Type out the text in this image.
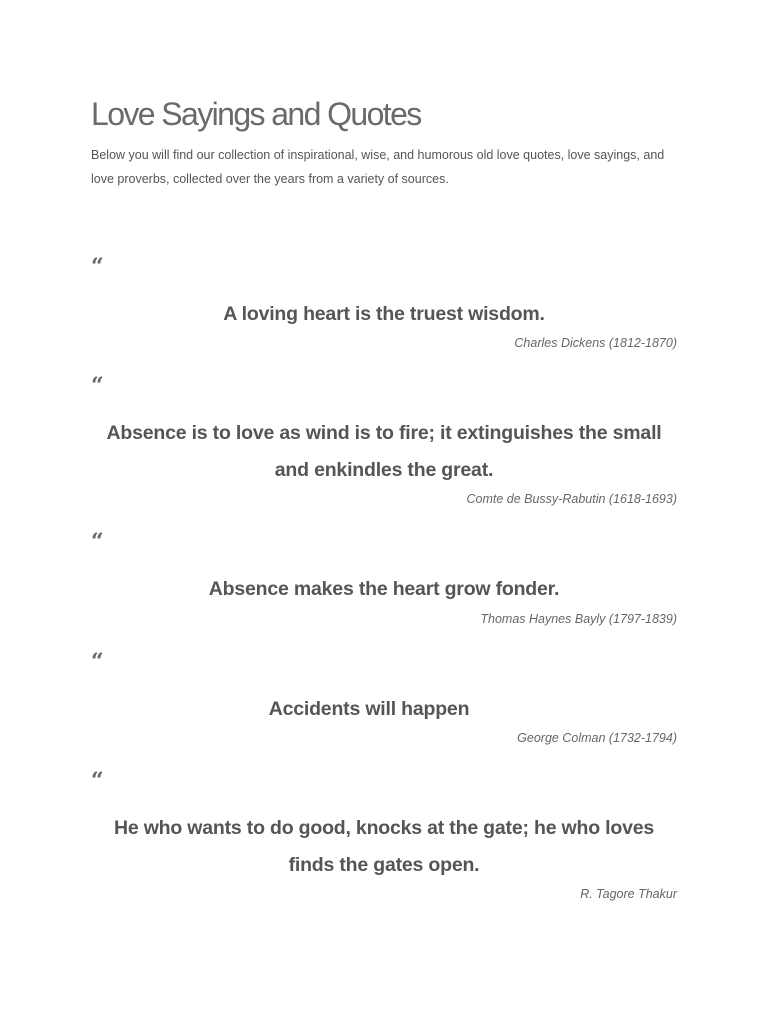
Love Sayings and Quotes

Below you will find our collection of inspirational, wise, and humorous old love quotes, love sayings, and love proverbs, collected over the years from a variety of sources.

“
A loving heart is the truest wisdom.
Charles Dickens (1812-1870)
“
Absence is to love as wind is to fire; it extinguishes the small and enkindles the great.
Comte de Bussy-Rabutin (1618-1693)
“
Absence makes the heart grow fonder.
Thomas Haynes Bayly (1797-1839)
“
Accidents will happen
George Colman (1732-1794)
“
He who wants to do good, knocks at the gate; he who loves finds the gates open.
R. Tagore Thakur
